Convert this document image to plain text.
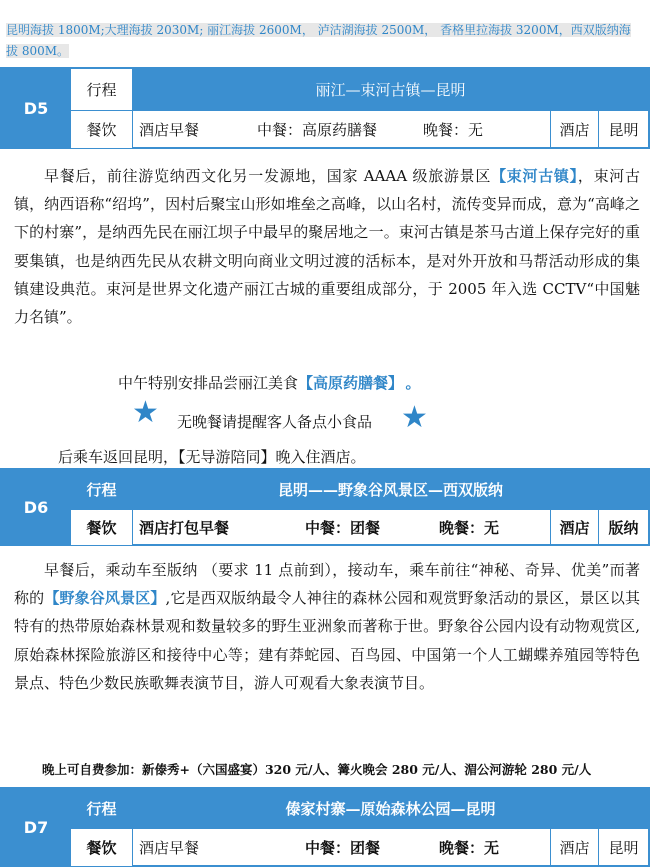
昆明海拔 1800M;大理海拔 2030M; 丽江海拔 2600M， 泸沽湖海拔 2500M， 香格里拉海拔 3200M，西双版纳海拔 800M。
D5
行程	丽江—束河古镇—昆明
餐饮	酒店早餐	中餐：高原药膳餐	晚餐：无	酒店	昆明
早餐后，前往游览纳西文化另一发源地，国家 AAAA 级旅游景区【束河古镇】，束河古镇，纳西语称“绍坞”，因村后聚宝山形如堆垒之高峰，以山名村，流传变异而成，意为“高峰之下的村寨”，是纳西先民在丽江坝子中最早的聚居地之一。束河古镇是茶马古道上保存完好的重要集镇，也是纳西先民从农耕文明向商业文明过渡的活标本，是对外开放和马帮活动形成的集镇建设典范。束河是世界文化遗产丽江古城的重要组成部分，于 2005 年入选 CCTV“中国魅力名镇”。
中午特别安排品尝丽江美食【高原药膳餐】 。
★ 无晚餐请提醒客人备点小食品 ★
后乘车返回昆明，【无导游陪同】晚入住酒店。
D6
行程	昆明——野象谷风景区—西双版纳
餐饮	酒店打包早餐	中餐：团餐	晚餐：无	酒店	版纳
早餐后，乘动车至版纳 （要求 11 点前到），接动车，乘车前往“神秘、奇异、优美”而著称的【野象谷风景区】,它是西双版纳最令人神往的森林公园和观赏野象活动的景区，景区以其特有的热带原始森林景观和数量较多的野生亚洲象而著称于世。野象谷公园内设有动物观赏区,原始森林探险旅游区和接待中心等；建有莽蛇园、百鸟园、中国第一个人工蝴蝶养殖园等特色景点、特色少数民族歌舞表演节目，游人可观看大象表演节目。
晚上可自费参加：新傣秀+（六国盛宴）320 元/人、篝火晚会 280 元/人、湄公河游轮 280 元/人
D7
行程	傣家村寨—原始森林公园—昆明
餐饮	酒店早餐	中餐：团餐	晚餐：无	酒店	昆明
